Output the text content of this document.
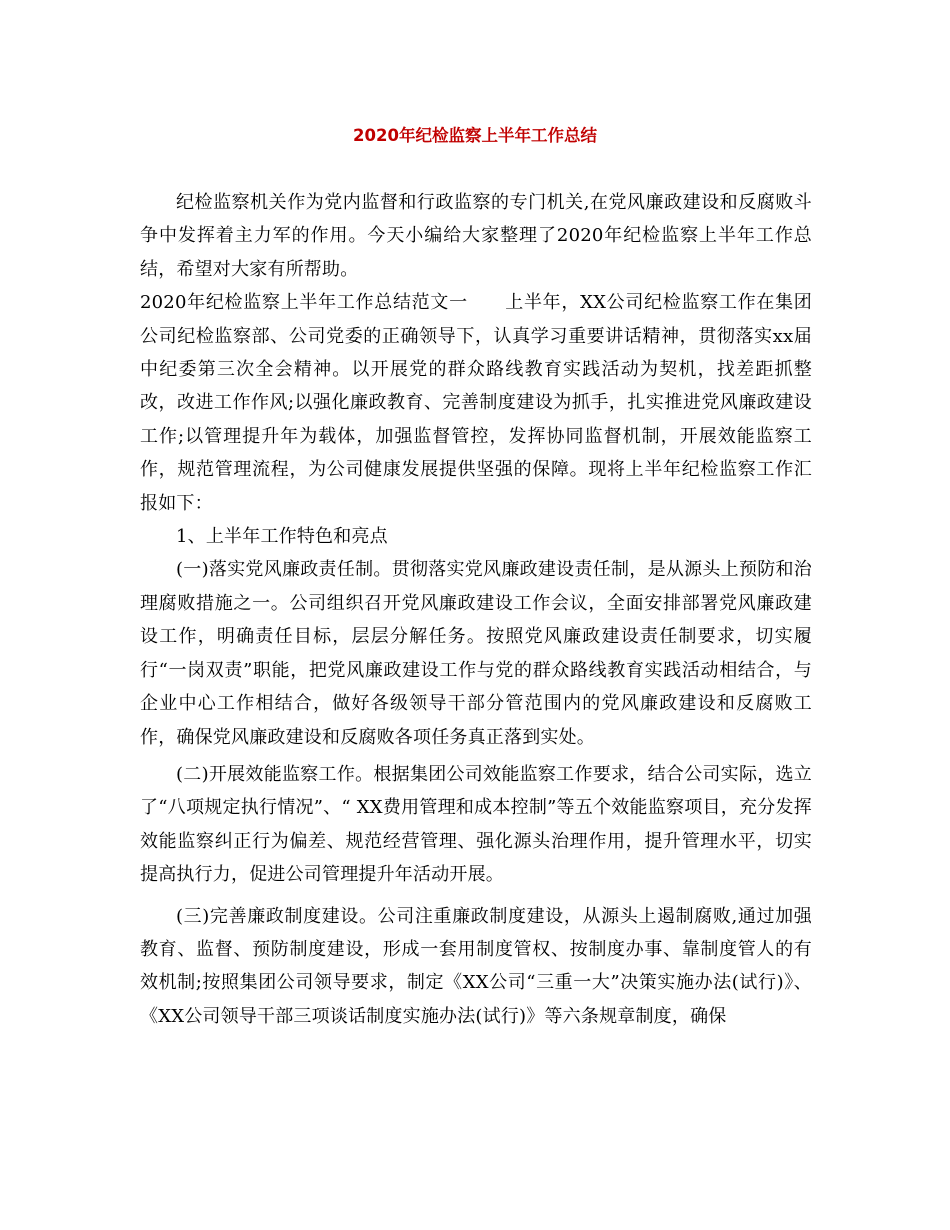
2020年纪检监察上半年工作总结

纪检监察机关作为党内监督和行政监察的专门机关,在党风廉政建设和反腐败斗争中发挥着主力军的作用。今天小编给大家整理了2020年纪检监察上半年工作总结，希望对大家有所帮助。

2020年纪检监察上半年工作总结范文一　　上半年，XX公司纪检监察工作在集团公司纪检监察部、公司党委的正确领导下，认真学习重要讲话精神，贯彻落实xx届中纪委第三次全会精神。以开展党的群众路线教育实践活动为契机，找差距抓整改，改进工作作风;以强化廉政教育、完善制度建设为抓手，扎实推进党风廉政建设工作;以管理提升年为载体，加强监督管控，发挥协同监督机制，开展效能监察工作，规范管理流程，为公司健康发展提供坚强的保障。现将上半年纪检监察工作汇报如下：

1、上半年工作特色和亮点

(一)落实党风廉政责任制。贯彻落实党风廉政建设责任制，是从源头上预防和治理腐败措施之一。公司组织召开党风廉政建设工作会议，全面安排部署党风廉政建设工作，明确责任目标，层层分解任务。按照党风廉政建设责任制要求，切实履行“一岗双责”职能，把党风廉政建设工作与党的群众路线教育实践活动相结合，与企业中心工作相结合，做好各级领导干部分管范围内的党风廉政建设和反腐败工作，确保党风廉政建设和反腐败各项任务真正落到实处。

(二)开展效能监察工作。根据集团公司效能监察工作要求，结合公司实际，选立了“八项规定执行情况”、“ XX费用管理和成本控制”等五个效能监察项目，充分发挥效能监察纠正行为偏差、规范经营管理、强化源头治理作用，提升管理水平，切实提高执行力，促进公司管理提升年活动开展。

(三)完善廉政制度建设。公司注重廉政制度建设，从源头上遏制腐败,通过加强教育、监督、预防制度建设，形成一套用制度管权、按制度办事、靠制度管人的有效机制;按照集团公司领导要求，制定《XX公司“三重一大”决策实施办法(试行)》、《XX公司领导干部三项谈话制度实施办法(试行)》等六条规章制度，确保
